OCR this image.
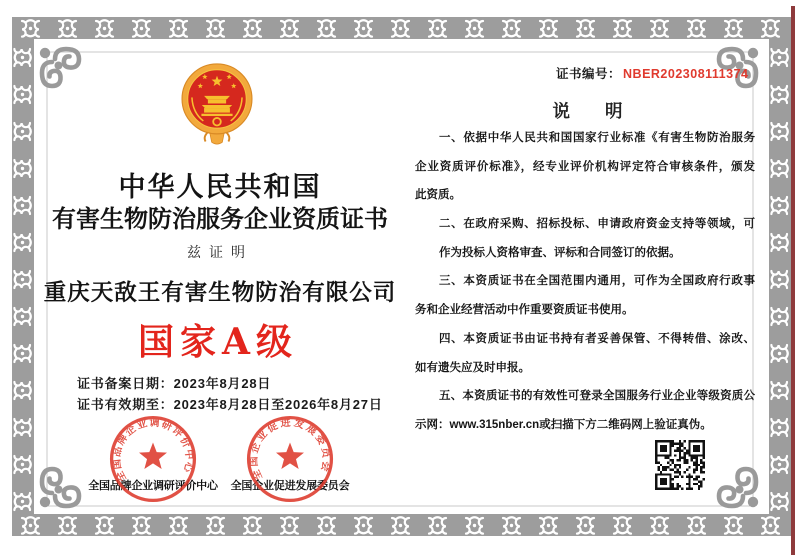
中华人民共和国
有害生物防治服务企业资质证书
兹证明
重庆天敌王有害生物防治有限公司
国家A级
证书备案日期：2023年8月28日
证书有效期至：2023年8月28日至2026年8月27日
全国品牌企业调研评价中心	全国企业促进发展委员会
全国品牌企业调研评价中心	全国企业促进发展委员会
证书编号： NBER202308111374
说　　明
一、依据中华人民共和国国家行业标准《有害生物防治服务
企业资质评价标准》，经专业评价机构评定符合审核条件，颁发
此资质。
二、在政府采购、招标投标、申请政府资金支持等领域，可
作为投标人资格审查、评标和合同签订的依据。
三、本资质证书在全国范围内通用，可作为全国政府行政事
务和企业经营活动中作重要资质证书使用。
四、本资质证书由证书持有者妥善保管、不得转借、涂改、
如有遗失应及时申报。
五、本资质证书的有效性可登录全国服务行业企业等级资质公
示网：www.315nber.cn或扫描下方二维码网上验证真伪。
